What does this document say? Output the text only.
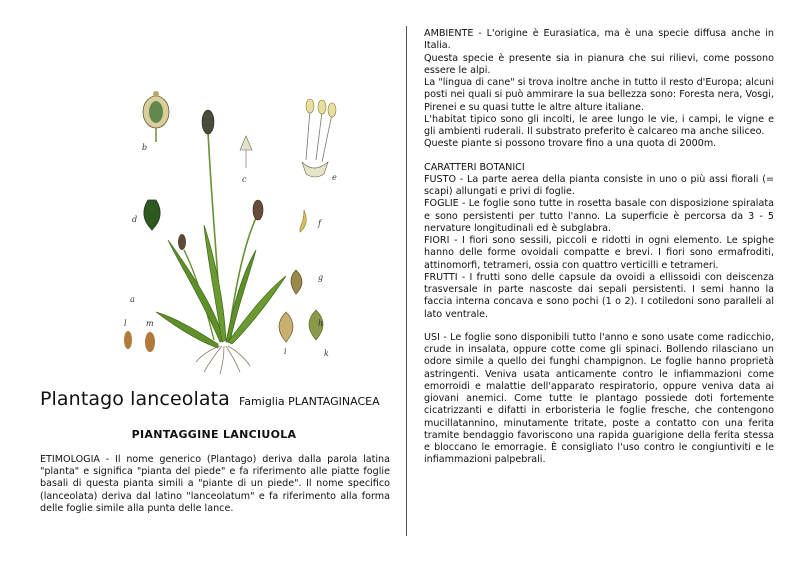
a
b
c
d
e
f
g
h
i	k
l m
Plantago lanceolata Famiglia PLANTAGINACEA
PIANTAGGINE LANCIUOLA

ETIMOLOGIA - Il nome generico (Plantago) deriva dalla parola latina "planta" e significa "pianta del piede" e fa riferimento alle piatte foglie basali di questa pianta simili a "piante di un piede". Il nome specifico (lanceolata) deriva dal latino "lanceolatum" e fa riferimento alla forma delle foglie simile alla punta delle lance.

AMBIENTE - L'origine è Eurasiatica, ma è una specie diffusa anche in Italia.

Questa specie è presente sia in pianura che sui rilievi, come possono essere le alpi.

La "lingua di cane" si trova inoltre anche in tutto il resto d'Europa; alcuni posti nei quali si può ammirare la sua bellezza sono: Foresta nera, Vosgi, Pirenei e su quasi tutte le altre alture italiane.

L'habitat tipico sono gli incolti, le aree lungo le vie, i campi, le vigne e gli ambienti ruderali. Il substrato preferito è calcareo ma anche siliceo.

Queste piante si possono trovare fino a una quota di 2000m.

CARATTERI BOTANICI

FUSTO - La parte aerea della pianta consiste in uno o più assi fiorali (= scapi) allungati e privi di foglie.

FOGLIE - Le foglie sono tutte in rosetta basale con disposizione spiralata e sono persistenti per tutto l'anno. La superficie è percorsa da 3 - 5 nervature longitudinali ed è subglabra.

FIORI - I fiori sono sessili, piccoli e ridotti in ogni elemento. Le spighe hanno delle forme ovoidali compatte e brevi. I fiori sono ermafroditi, attinomorfi, tetrameri, ossia con quattro verticilli e tetrameri.

FRUTTI - I frutti sono delle capsule da ovoidi a ellissoidi con deiscenza trasversale in parte nascoste dai sepali persistenti. I semi hanno la faccia interna concava e sono pochi (1 o 2). I cotiledoni sono paralleli al lato ventrale.

USI - Le foglie sono disponibili tutto l'anno e sono usate come radicchio, crude in insalata, oppure cotte come gli spinaci. Bollendo rilasciano un odore simile a quello dei funghi champignon. Le foglie hanno proprietà astringenti. Veniva usata anticamente contro le infiammazioni come emorroidi e malattie dell'apparato respiratorio, oppure veniva data ai giovani anemici. Come tutte le plantago possiede doti fortemente cicatrizzanti e difatti in erboristeria le foglie fresche, che contengono mucillatannino, minutamente tritate, poste a contatto con una ferita tramite bendaggio favoriscono una rapida guarigione della ferita stessa e bloccano le emorragie. È consigliato l'uso contro le congiuntiviti e le infiammazioni palpebrali.
